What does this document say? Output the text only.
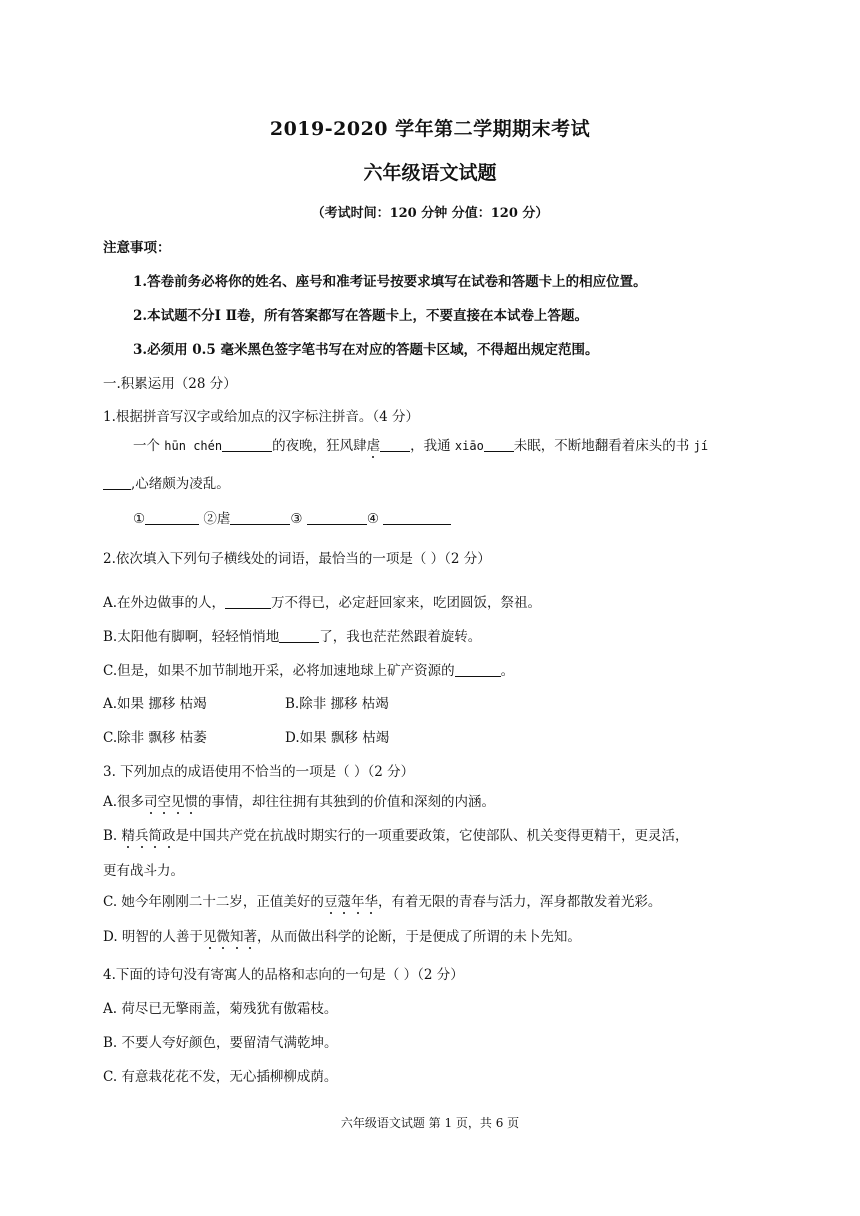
2019-2020 学年第二学期期末考试
六年级语文试题
（考试时间：120 分钟 分值：120 分）
注意事项：
1.答卷前务必将你的姓名、座号和准考证号按要求填写在试卷和答题卡上的相应位置。
2.本试题不分Ⅰ Ⅱ卷，所有答案都写在答题卡上，不要直接在本试卷上答题。
3.必须用 0.5 毫米黑色签字笔书写在对应的答题卡区域，不得超出规定范围。
一.积累运用（28 分）
1.根据拼音写汉字或给加点的汉字标注拼音。（4 分）
一个 hūn chén	的夜晚，狂风肆虐 ，我通 xiāo 未眠，不断地翻看着床头的书 jí
,心绪颇为凌乱。
①	②虐	③	④
2.依次填入下列句子横线处的词语，最恰当的一项是（ ）（2 分）
A.在外边做事的人，	万不得已，必定赶回家来，吃团圆饭，祭祖。
B.太阳他有脚啊，轻轻悄悄地	了，我也茫茫然跟着旋转。
C.但是，如果不加节制地开采，必将加速地球上矿产资源的	。
A.如果 挪移 枯竭	B.除非 挪移 枯竭
C.除非 飘移 枯萎	D.如果 飘移 枯竭
3. 下列加点的成语使用不恰当的一项是（ ）（2 分）
A.很多司空见惯的事情，却往往拥有其独到的价值和深刻的内涵。
B. 精兵简政是中国共产党在抗战时期实行的一项重要政策，它使部队、机关变得更精干，更灵活，
更有战斗力。
C. 她今年刚刚二十二岁，正值美好的豆蔻年华，有着无限的青春与活力，浑身都散发着光彩。
D. 明智的人善于见微知著，从而做出科学的论断，于是便成了所谓的未卜先知。
4.下面的诗句没有寄寓人的品格和志向的一句是（ ）（2 分）
A. 荷尽已无擎雨盖，菊残犹有傲霜枝。
B. 不要人夸好颜色，要留清气满乾坤。
C. 有意栽花花不发，无心插柳柳成荫。
六年级语文试题 第 1 页，共 6 页
